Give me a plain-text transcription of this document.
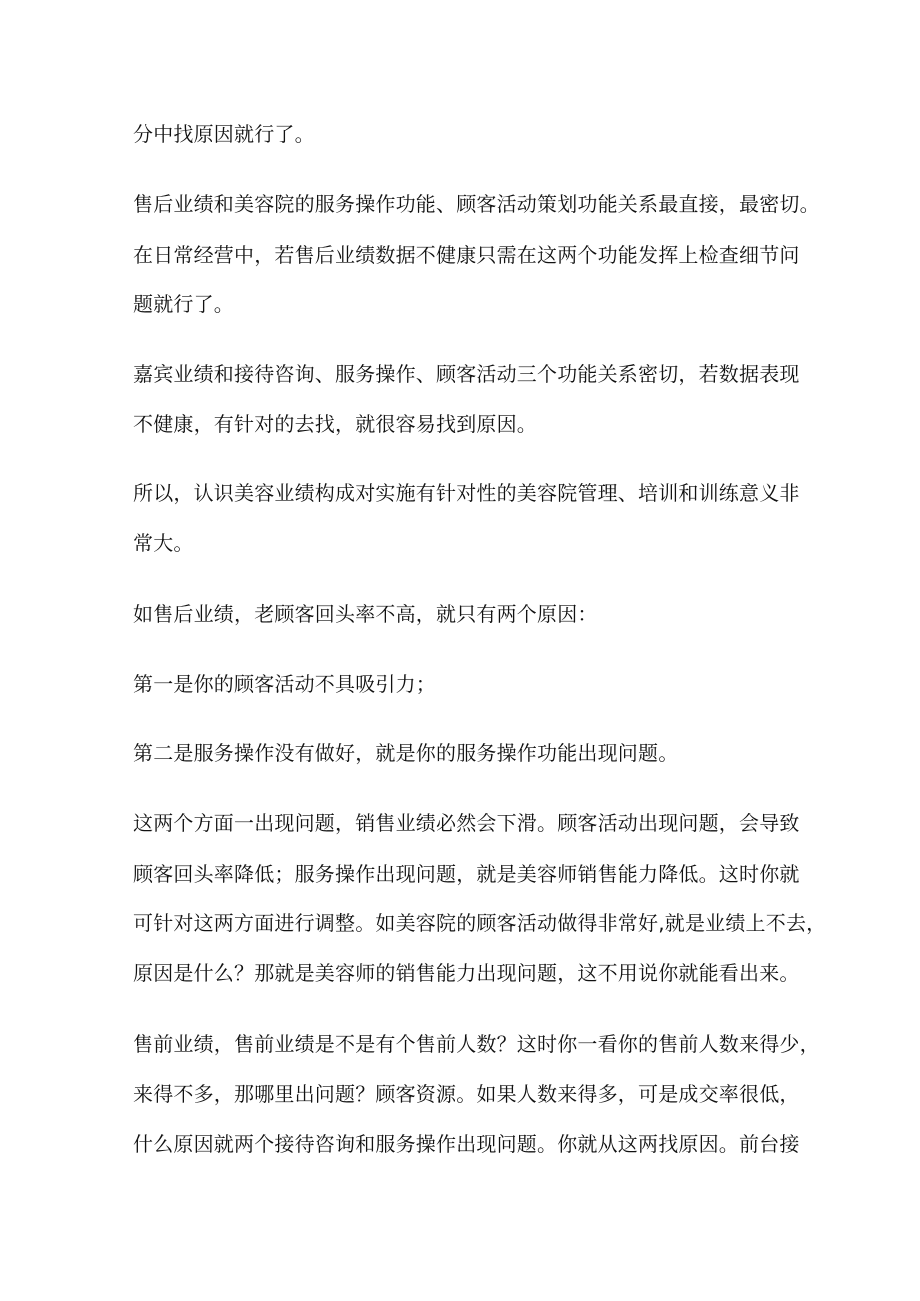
分中找原因就行了。
售后业绩和美容院的服务操作功能、顾客活动策划功能关系最直接，最密切。
在日常经营中，若售后业绩数据不健康只需在这两个功能发挥上检查细节问
题就行了。
嘉宾业绩和接待咨询、服务操作、顾客活动三个功能关系密切，若数据表现
不健康，有针对的去找，就很容易找到原因。
所以，认识美容业绩构成对实施有针对性的美容院管理、培训和训练意义非
常大。
如售后业绩，老顾客回头率不高，就只有两个原因：
第一是你的顾客活动不具吸引力；
第二是服务操作没有做好，就是你的服务操作功能出现问题。
这两个方面一出现问题，销售业绩必然会下滑。顾客活动出现问题，会导致
顾客回头率降低；服务操作出现问题，就是美容师销售能力降低。这时你就
可针对这两方面进行调整。如美容院的顾客活动做得非常好,就是业绩上不去，
原因是什么？那就是美容师的销售能力出现问题，这不用说你就能看出来。
售前业绩，售前业绩是不是有个售前人数？这时你一看你的售前人数来得少，
来得不多，那哪里出问题？顾客资源。如果人数来得多，可是成交率很低，
什么原因就两个接待咨询和服务操作出现问题。你就从这两找原因。前台接
